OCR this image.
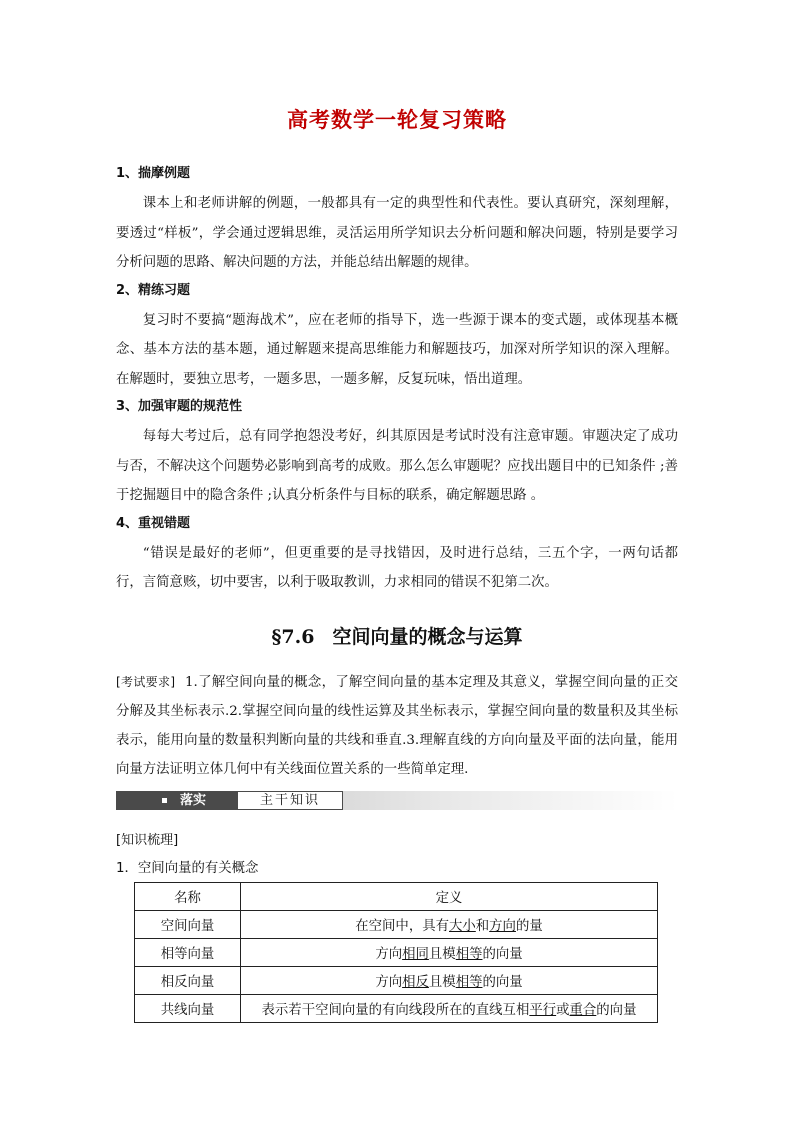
高考数学一轮复习策略
1、揣摩例题
课本上和老师讲解的例题，一般都具有一定的典型性和代表性。要认真研究，深刻理解，要透过“样板”，学会通过逻辑思维，灵活运用所学知识去分析问题和解决问题，特别是要学习分析问题的思路、解决问题的方法，并能总结出解题的规律。
2、精练习题
复习时不要搞“题海战术”，应在老师的指导下，选一些源于课本的变式题，或体现基本概念、基本方法的基本题，通过解题来提高思维能力和解题技巧，加深对所学知识的深入理解。在解题时，要独立思考，一题多思，一题多解，反复玩味，悟出道理。
3、加强审题的规范性
每每大考过后，总有同学抱怨没考好，纠其原因是考试时没有注意审题。审题决定了成功与否，不解决这个问题势必影响到高考的成败。那么怎么审题呢？应找出题目中的已知条件 ;善于挖掘题目中的隐含条件 ;认真分析条件与目标的联系，确定解题思路 。
4、重视错题
“错误是最好的老师”，但更重要的是寻找错因，及时进行总结，三五个字，一两句话都行，言简意赅，切中要害，以利于吸取教训，力求相同的错误不犯第二次。
§7.6 空间向量的概念与运算
[考试要求] 1.了解空间向量的概念，了解空间向量的基本定理及其意义，掌握空间向量的正交分解及其坐标表示.2.掌握空间向量的线性运算及其坐标表示，掌握空间向量的数量积及其坐标表示，能用向量的数量积判断向量的共线和垂直.3.理解直线的方向向量及平面的法向量，能用向量方法证明立体几何中有关线面位置关系的一些简单定理.
落实	主干知识
[知识梳理]
1．空间向量的有关概念
名称	定义
空间向量	在空间中，具有大小和方向的量
相等向量	方向相同且模相等的向量
相反向量	方向相反且模相等的向量
共线向量	表示若干空间向量的有向线段所在的直线互相平行或重合的向量
